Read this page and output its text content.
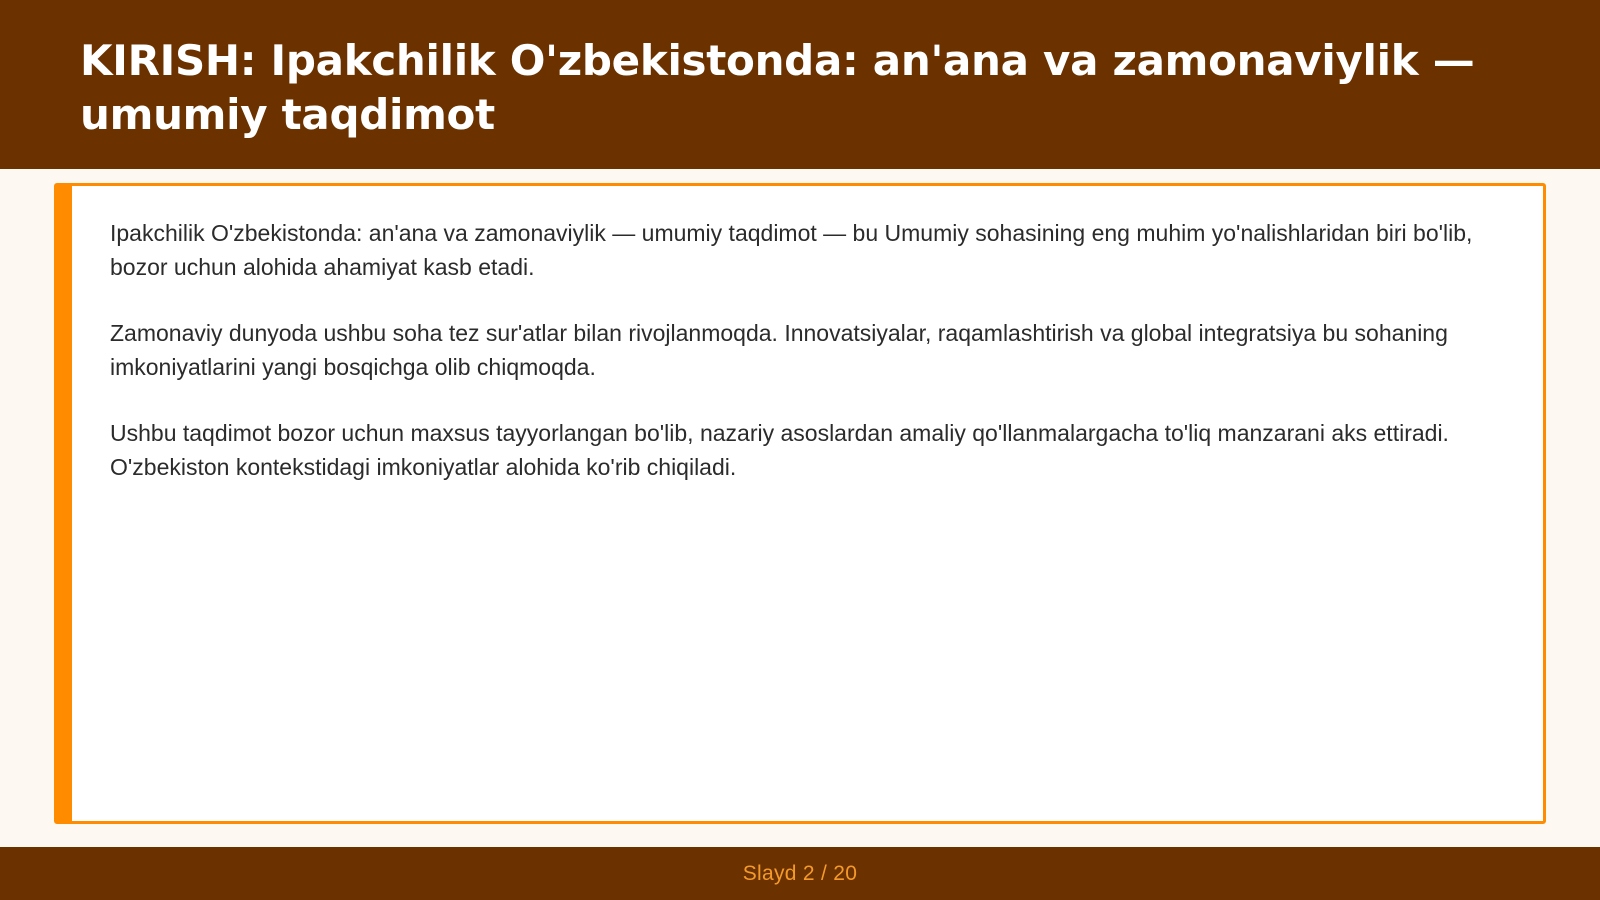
KIRISH: Ipakchilik O'zbekistonda: an'ana va zamonaviylik — umumiy taqdimot

Ipakchilik O'zbekistonda: an'ana va zamonaviylik — umumiy taqdimot — bu Umumiy sohasining eng muhim yo'nalishlaridan biri bo'lib, bozor uchun alohida ahamiyat kasb etadi.

Zamonaviy dunyoda ushbu soha tez sur'atlar bilan rivojlanmoqda. Innovatsiyalar, raqamlashtirish va global integratsiya bu sohaning imkoniyatlarini yangi bosqichga olib chiqmoqda.

Ushbu taqdimot bozor uchun maxsus tayyorlangan bo'lib, nazariy asoslardan amaliy qo'llanmalargacha to'liq manzarani aks ettiradi. O'zbekiston kontekstidagi imkoniyatlar alohida ko'rib chiqiladi.

Slayd 2 / 20
